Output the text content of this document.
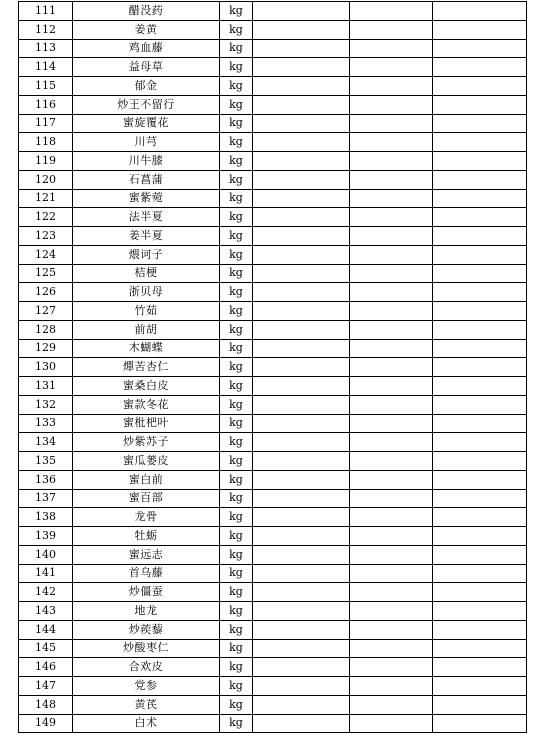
111	醋没药	kg			
112	姜黄	kg			
113	鸡血藤	kg			
114	益母草	kg			
115	郁金	kg			
116	炒王不留行	kg			
117	蜜旋覆花	kg			
118	川芎	kg			
119	川牛膝	kg			
120	石菖蒲	kg			
121	蜜紫菀	kg			
122	法半夏	kg			
123	姜半夏	kg			
124	煨诃子	kg			
125	桔梗	kg			
126	浙贝母	kg			
127	竹茹	kg			
128	前胡	kg			
129	木蝴蝶	kg			
130	燀苦杏仁	kg			
131	蜜桑白皮	kg			
132	蜜款冬花	kg			
133	蜜枇杷叶	kg			
134	炒紫苏子	kg			
135	蜜瓜蒌皮	kg			
136	蜜白前	kg			
137	蜜百部	kg			
138	龙骨	kg			
139	牡蛎	kg			
140	蜜远志	kg			
141	首乌藤	kg			
142	炒僵蚕	kg			
143	地龙	kg			
144	炒蒺藜	kg			
145	炒酸枣仁	kg			
146	合欢皮	kg			
147	党参	kg			
148	黄芪	kg			
149	白术	kg			
